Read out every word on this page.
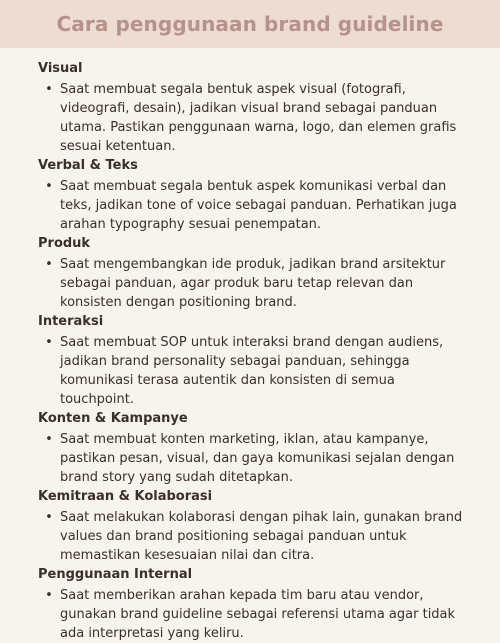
Cara penggunaan brand guideline

Visual

• Saat membuat segala bentuk aspek visual (fotografi, videografi, desain), jadikan visual brand sebagai panduan utama. Pastikan penggunaan warna, logo, dan elemen grafis sesuai ketentuan.

Verbal & Teks

• Saat membuat segala bentuk aspek komunikasi verbal dan teks, jadikan tone of voice sebagai panduan. Perhatikan juga arahan typography sesuai penempatan.

Produk

• Saat mengembangkan ide produk, jadikan brand arsitektur sebagai panduan, agar produk baru tetap relevan dan konsisten dengan positioning brand.

Interaksi

• Saat membuat SOP untuk interaksi brand dengan audiens, jadikan brand personality sebagai panduan, sehingga komunikasi terasa autentik dan konsisten di semua touchpoint.

Konten & Kampanye

• Saat membuat konten marketing, iklan, atau kampanye, pastikan pesan, visual, dan gaya komunikasi sejalan dengan brand story yang sudah ditetapkan.

Kemitraan & Kolaborasi

• Saat melakukan kolaborasi dengan pihak lain, gunakan brand values dan brand positioning sebagai panduan untuk memastikan kesesuaian nilai dan citra.

Penggunaan Internal

• Saat memberikan arahan kepada tim baru atau vendor, gunakan brand guideline sebagai referensi utama agar tidak ada interpretasi yang keliru.
